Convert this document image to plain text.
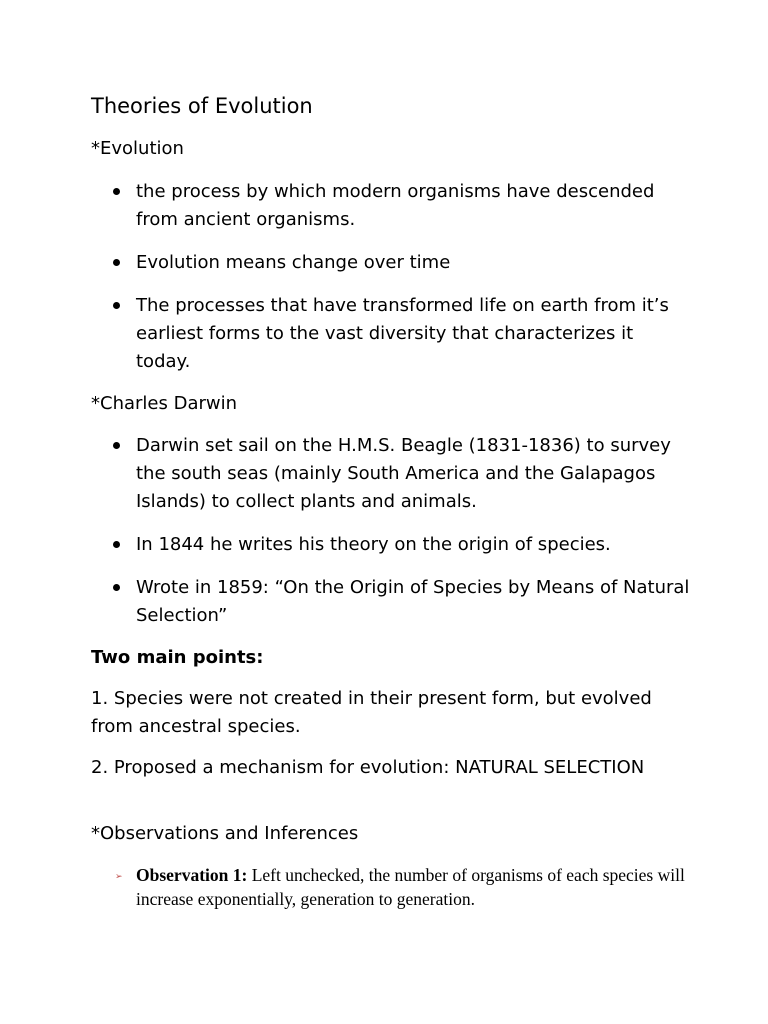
Theories of Evolution
*Evolution
the process by which modern organisms have descended from ancient organisms.
Evolution means change over time
The processes that have transformed life on earth from it’s earliest forms to the vast diversity that characterizes it today.
*Charles Darwin
Darwin set sail on the H.M.S. Beagle (1831-1836) to survey the south seas (mainly South America and the Galapagos Islands) to collect plants and animals.
In 1844 he writes his theory on the origin of species.
Wrote in 1859: “On the Origin of Species by Means of Natural Selection”
Two main points:

1. Species were not created in their present form, but evolved from ancestral species.

2. Proposed a mechanism for evolution: NATURAL SELECTION

*Observations and Inferences
➢ Observation 1: Left unchecked, the number of organisms of each species will increase exponentially, generation to generation.
